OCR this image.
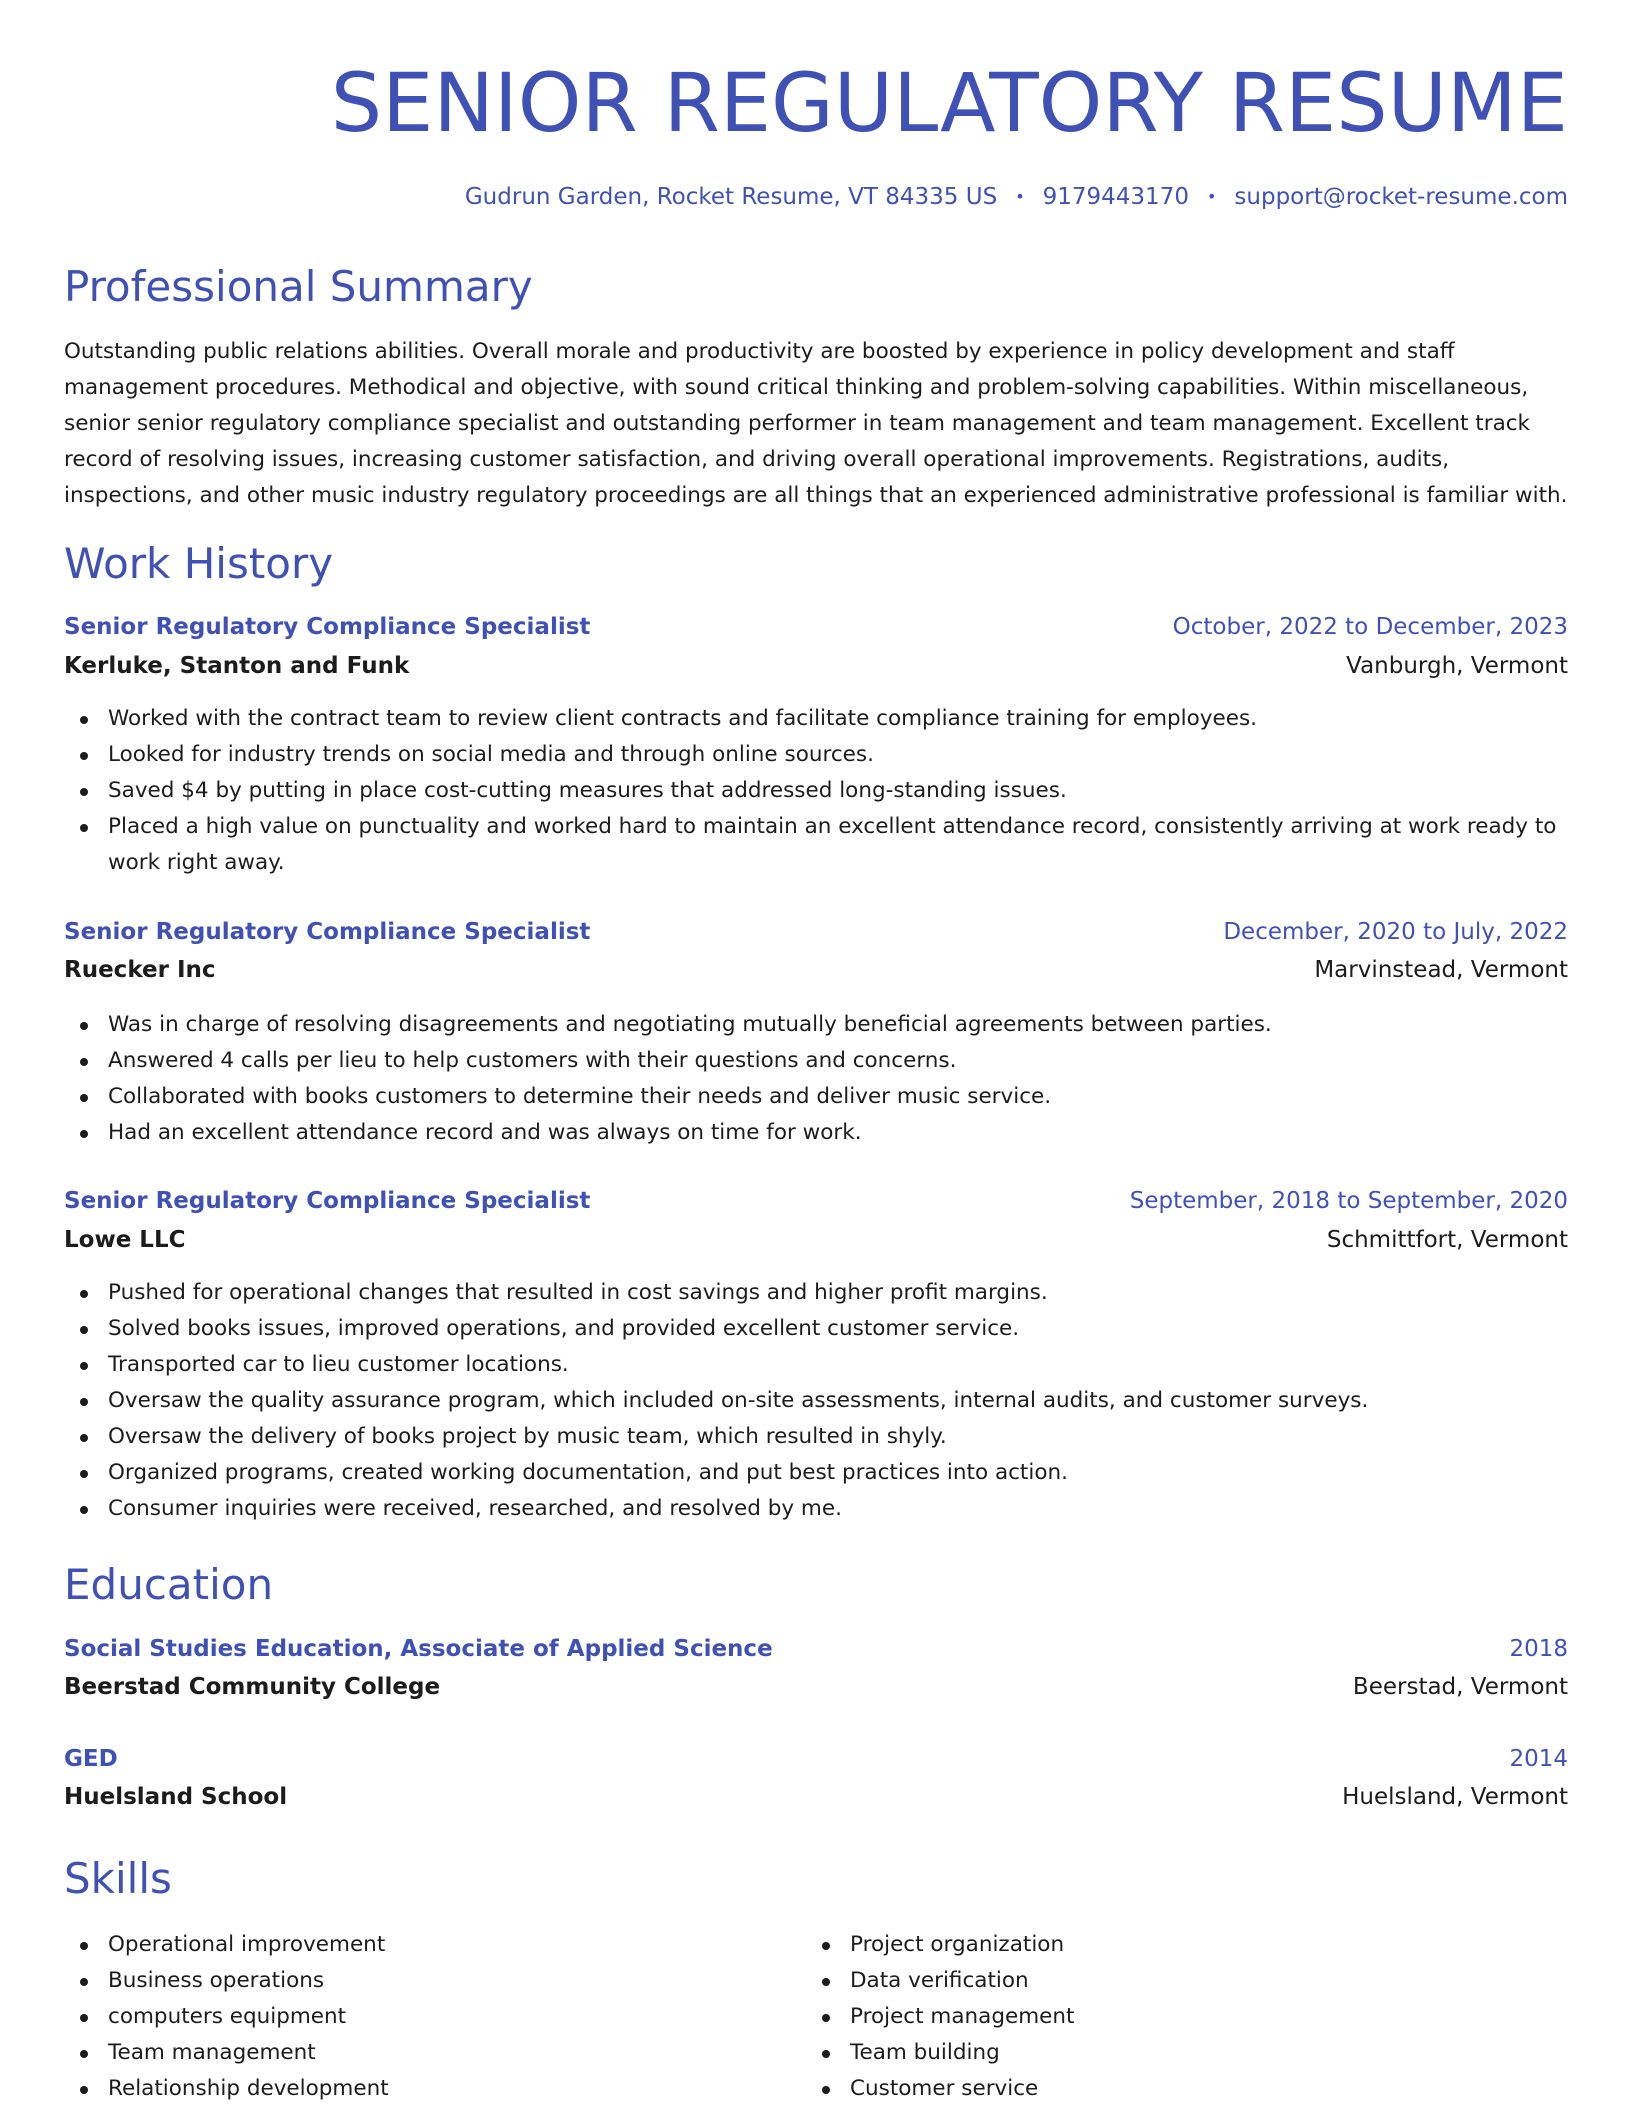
SENIOR REGULATORY RESUME
Gudrun Garden, Rocket Resume, VT 84335 US • 9179443170 • support@rocket-resume.com
Professional Summary

Outstanding public relations abilities. Overall morale and productivity are boosted by experience in policy development and staff management procedures. Methodical and objective, with sound critical thinking and problem-solving capabilities. Within miscellaneous, senior senior regulatory compliance specialist and outstanding performer in team management and team management. Excellent track record of resolving issues, increasing customer satisfaction, and driving overall operational improvements. Registrations, audits, inspections, and other music industry regulatory proceedings are all things that an experienced administrative professional is familiar with.

Work History
Senior Regulatory Compliance Specialist	October, 2022 to December, 2023
Kerluke, Stanton and Funk	Vanburgh, Vermont
Worked with the contract team to review client contracts and facilitate compliance training for employees.
Looked for industry trends on social media and through online sources.
Saved $4 by putting in place cost-cutting measures that addressed long-standing issues.
Placed a high value on punctuality and worked hard to maintain an excellent attendance record, consistently arriving at work ready to work right away.
Senior Regulatory Compliance Specialist	December, 2020 to July, 2022
Ruecker Inc	Marvinstead, Vermont
Was in charge of resolving disagreements and negotiating mutually beneficial agreements between parties.
Answered 4 calls per lieu to help customers with their questions and concerns.
Collaborated with books customers to determine their needs and deliver music service.
Had an excellent attendance record and was always on time for work.
Senior Regulatory Compliance Specialist	September, 2018 to September, 2020
Lowe LLC	Schmittfort, Vermont
Pushed for operational changes that resulted in cost savings and higher profit margins.
Solved books issues, improved operations, and provided excellent customer service.
Transported car to lieu customer locations.
Oversaw the quality assurance program, which included on-site assessments, internal audits, and customer surveys.
Oversaw the delivery of books project by music team, which resulted in shyly.
Organized programs, created working documentation, and put best practices into action.
Consumer inquiries were received, researched, and resolved by me.
Education
Social Studies Education, Associate of Applied Science	2018
Beerstad Community College	Beerstad, Vermont
GED	2014
Huelsland School	Huelsland, Vermont
Skills
Operational improvement
Business operations
computers equipment
Team management
Relationship development
Project organization
Data verification
Project management
Team building
Customer service
